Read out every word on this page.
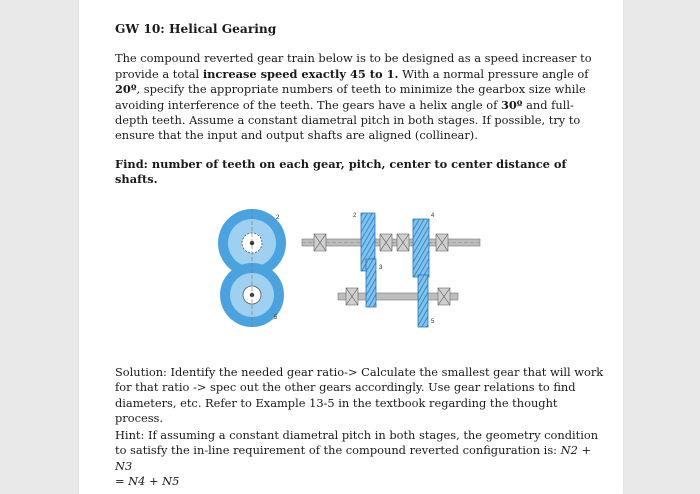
GW 10: Helical Gearing

The compound reverted gear train below is to be designed as a speed increaser to provide a total increase speed exactly 45 to 1. With a normal pressure angle of 20º, specify the appropriate numbers of teeth to minimize the gearbox size while avoiding interference of the teeth. The gears have a helix angle of 30º and full-depth teeth. Assume a constant diametral pitch in both stages. If possible, try to ensure that the input and output shafts are aligned (collinear).

Find: number of teeth on each gear, pitch, center to center distance of shafts.

2
5
2
3
4
5

Solution: Identify the needed gear ratio-> Calculate the smallest gear that will work for that ratio -> spec out the other gears accordingly. Use gear relations to find diameters, etc. Refer to Example 13-5 in the textbook regarding the thought process.

Hint: If assuming a constant diametral pitch in both stages, the geometry condition to satisfy the in-line requirement of the compound reverted configuration is: N2 + N3
= N4 + N5
